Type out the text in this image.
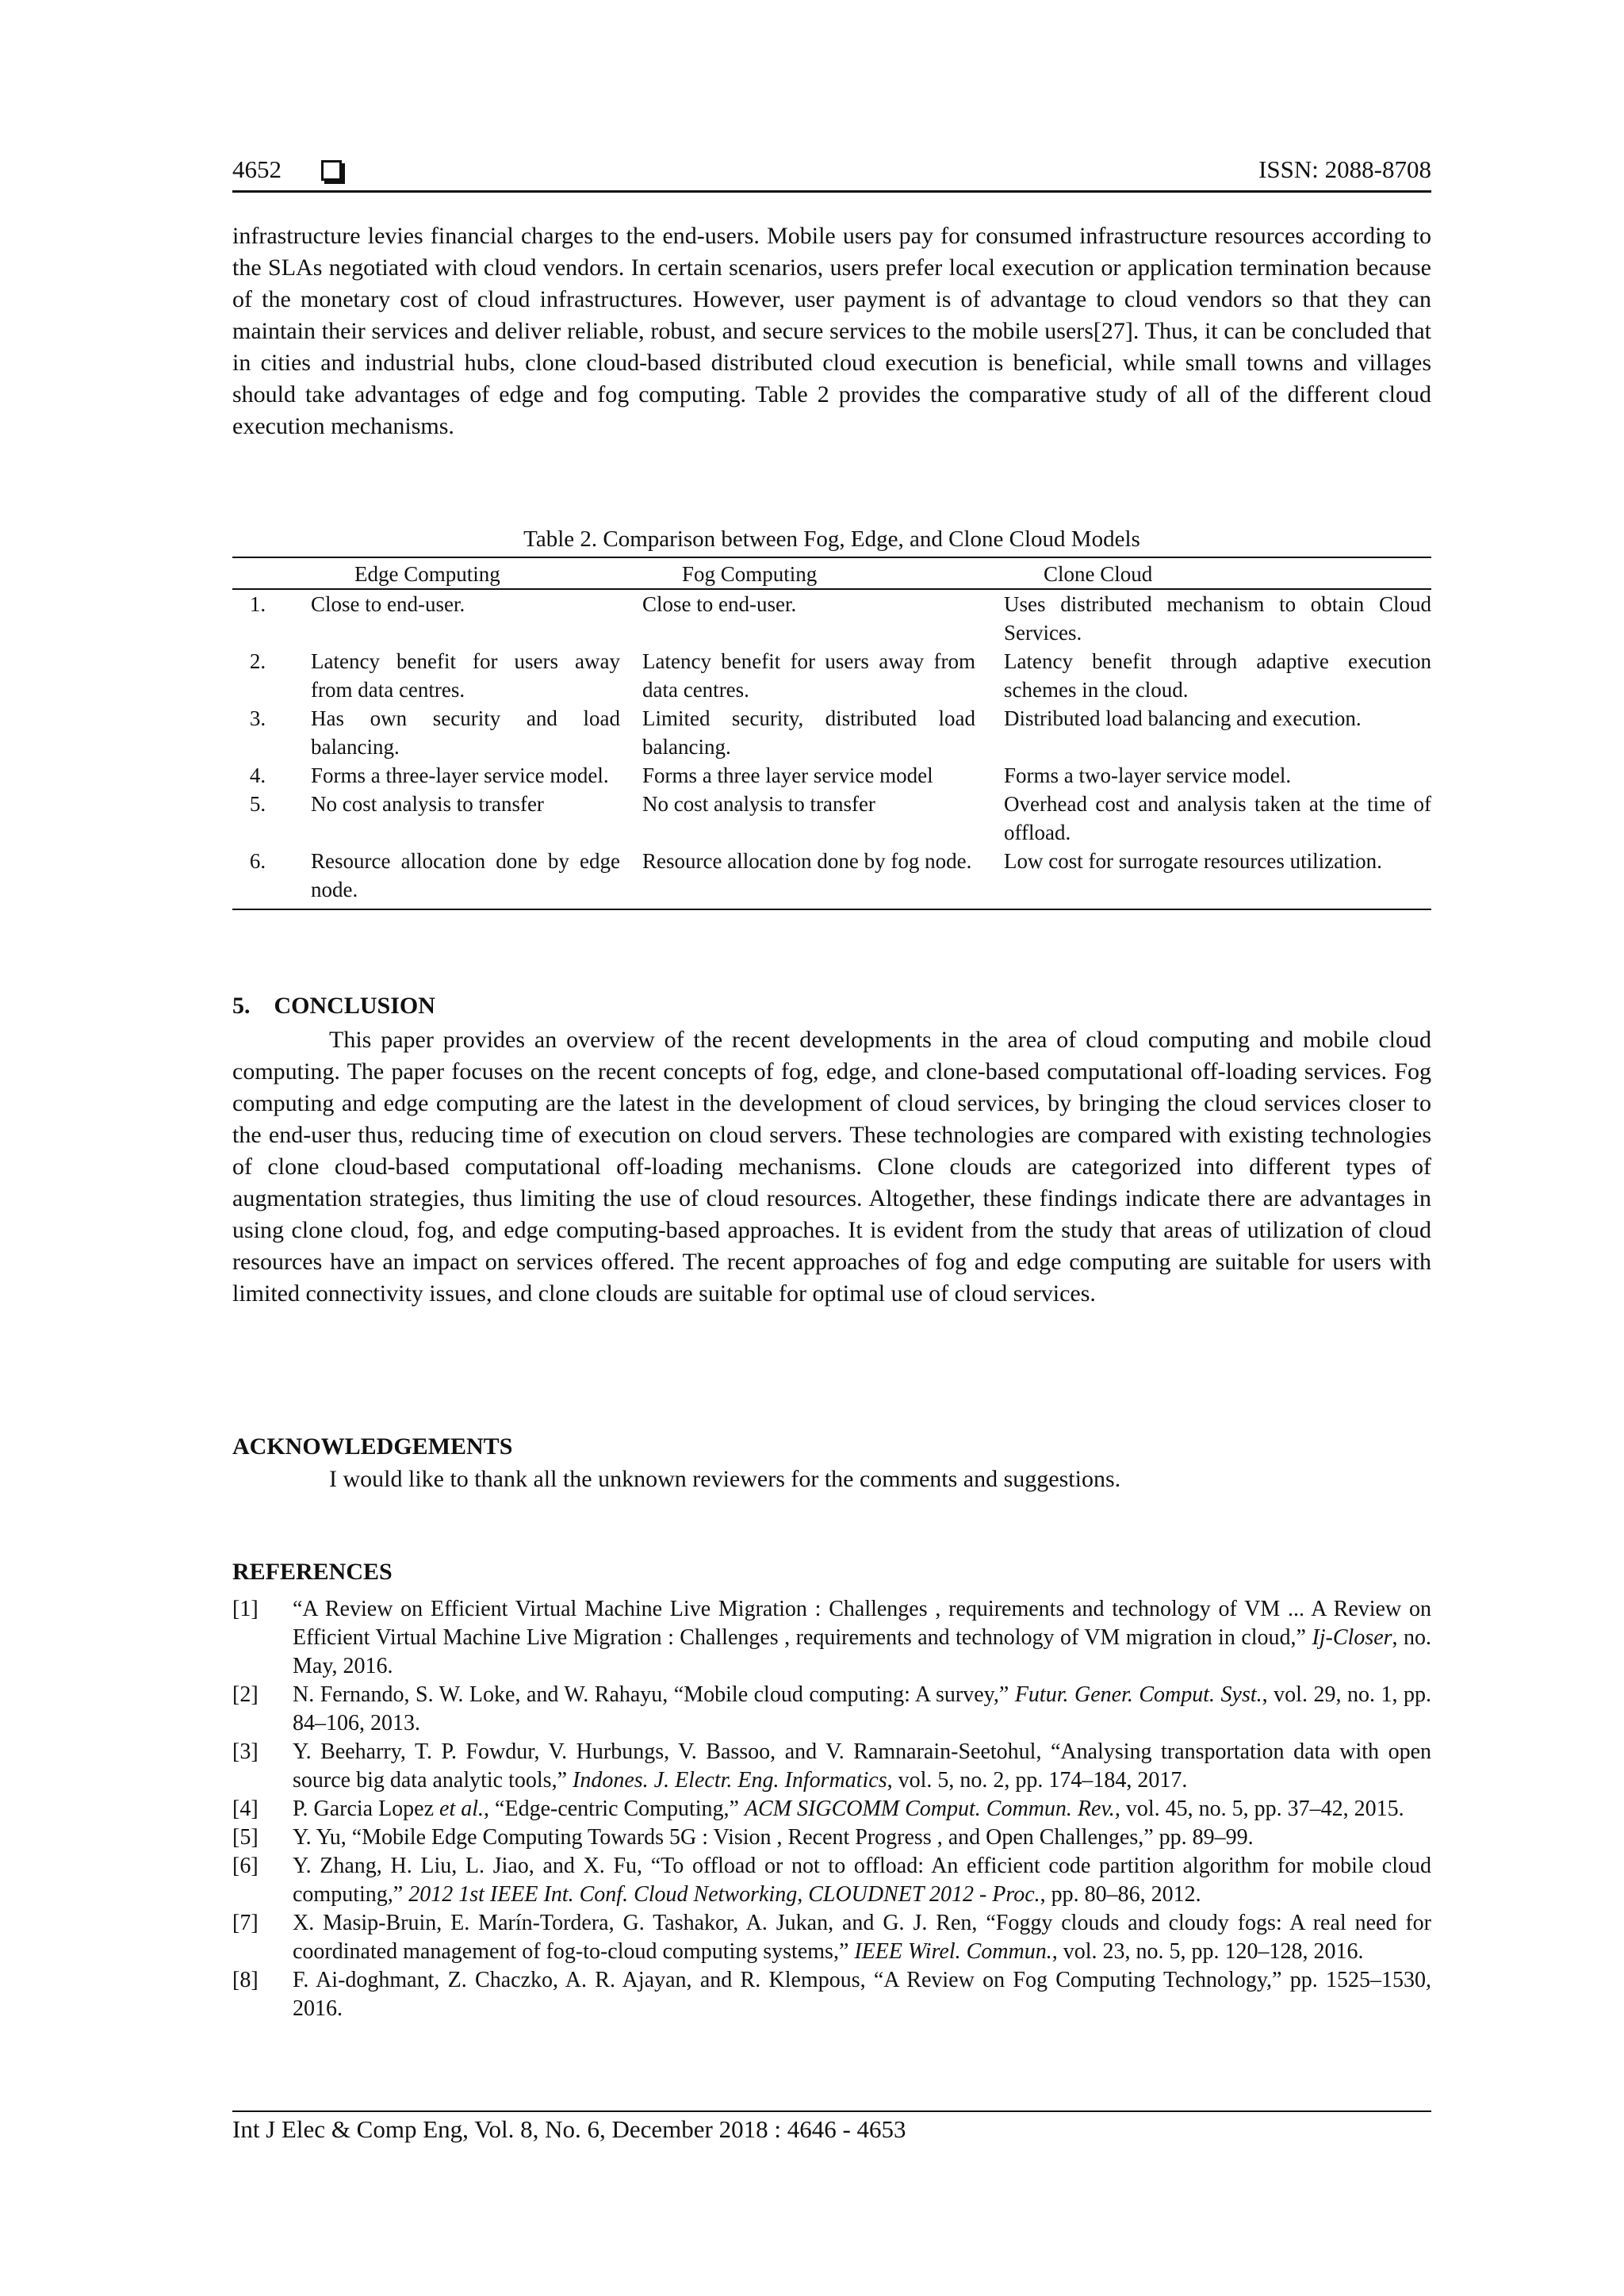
4652	ISSN: 2088-8708

infrastructure levies financial charges to the end-users. Mobile users pay for consumed infrastructure resources according to the SLAs negotiated with cloud vendors. In certain scenarios, users prefer local execution or application termination because of the monetary cost of cloud infrastructures. However, user payment is of advantage to cloud vendors so that they can maintain their services and deliver reliable, robust, and secure services to the mobile users[27]. Thus, it can be concluded that in cities and industrial hubs, clone cloud-based distributed cloud execution is beneficial, while small towns and villages should take advantages of edge and fog computing. Table 2 provides the comparative study of all of the different cloud execution mechanisms.

Table 2. Comparison between Fog, Edge, and Clone Cloud Models
		Edge Computing		Fog Computing		Clone Cloud
1.		Close to end-user.		Close to end-user.		Uses distributed mechanism to obtain Cloud Services.
2.		Latency benefit for users away from data centres.		Latency benefit for users away from data centres.		Latency benefit through adaptive execution schemes in the cloud.
3.		Has own security and load balancing.		Limited security, distributed load balancing.		Distributed load balancing and execution.
4.		Forms a three-layer service model.		Forms a three layer service model		Forms a two-layer service model.
5.		No cost analysis to transfer		No cost analysis to transfer		Overhead cost and analysis taken at the time of offload.
6.		Resource allocation done by edge node.		Resource allocation done by fog node.		Low cost for surrogate resources utilization.
5.    CONCLUSION

This paper provides an overview of the recent developments in the area of cloud computing and mobile cloud computing. The paper focuses on the recent concepts of fog, edge, and clone-based computational off-loading services. Fog computing and edge computing are the latest in the development of cloud services, by bringing the cloud services closer to the end-user thus, reducing time of execution on cloud servers. These technologies are compared with existing technologies of clone cloud-based computational off-loading mechanisms. Clone clouds are categorized into different types of augmentation strategies, thus limiting the use of cloud resources. Altogether, these findings indicate there are advantages in using clone cloud, fog, and edge computing-based approaches. It is evident from the study that areas of utilization of cloud resources have an impact on services offered. The recent approaches of fog and edge computing are suitable for users with limited connectivity issues, and clone clouds are suitable for optimal use of cloud services.

ACKNOWLEDGEMENTS

I would like to thank all the unknown reviewers for the comments and suggestions.

REFERENCES
[1] “A Review on Efficient Virtual Machine Live Migration : Challenges , requirements and technology of VM ... A Review on Efficient Virtual Machine Live Migration : Challenges , requirements and technology of VM migration in cloud,” Ij-Closer, no. May, 2016.
[2] N. Fernando, S. W. Loke, and W. Rahayu, “Mobile cloud computing: A survey,” Futur. Gener. Comput. Syst., vol. 29, no. 1, pp. 84–106, 2013.
[3] Y. Beeharry, T. P. Fowdur, V. Hurbungs, V. Bassoo, and V. Ramnarain-Seetohul, “Analysing transportation data with open source big data analytic tools,” Indones. J. Electr. Eng. Informatics, vol. 5, no. 2, pp. 174–184, 2017.
[4] P. Garcia Lopez et al., “Edge-centric Computing,” ACM SIGCOMM Comput. Commun. Rev., vol. 45, no. 5, pp. 37–42, 2015.
[5] Y. Yu, “Mobile Edge Computing Towards 5G : Vision , Recent Progress , and Open Challenges,” pp. 89–99.
[6] Y. Zhang, H. Liu, L. Jiao, and X. Fu, “To offload or not to offload: An efficient code partition algorithm for mobile cloud computing,” 2012 1st IEEE Int. Conf. Cloud Networking, CLOUDNET 2012 - Proc., pp. 80–86, 2012.
[7] X. Masip-Bruin, E. Marín-Tordera, G. Tashakor, A. Jukan, and G. J. Ren, “Foggy clouds and cloudy fogs: A real need for coordinated management of fog-to-cloud computing systems,” IEEE Wirel. Commun., vol. 23, no. 5, pp. 120–128, 2016.
[8] F. Ai-doghmant, Z. Chaczko, A. R. Ajayan, and R. Klempous, “A Review on Fog Computing Technology,” pp. 1525–1530, 2016.
Int J Elec & Comp Eng, Vol. 8, No. 6, December 2018 : 4646 - 4653
